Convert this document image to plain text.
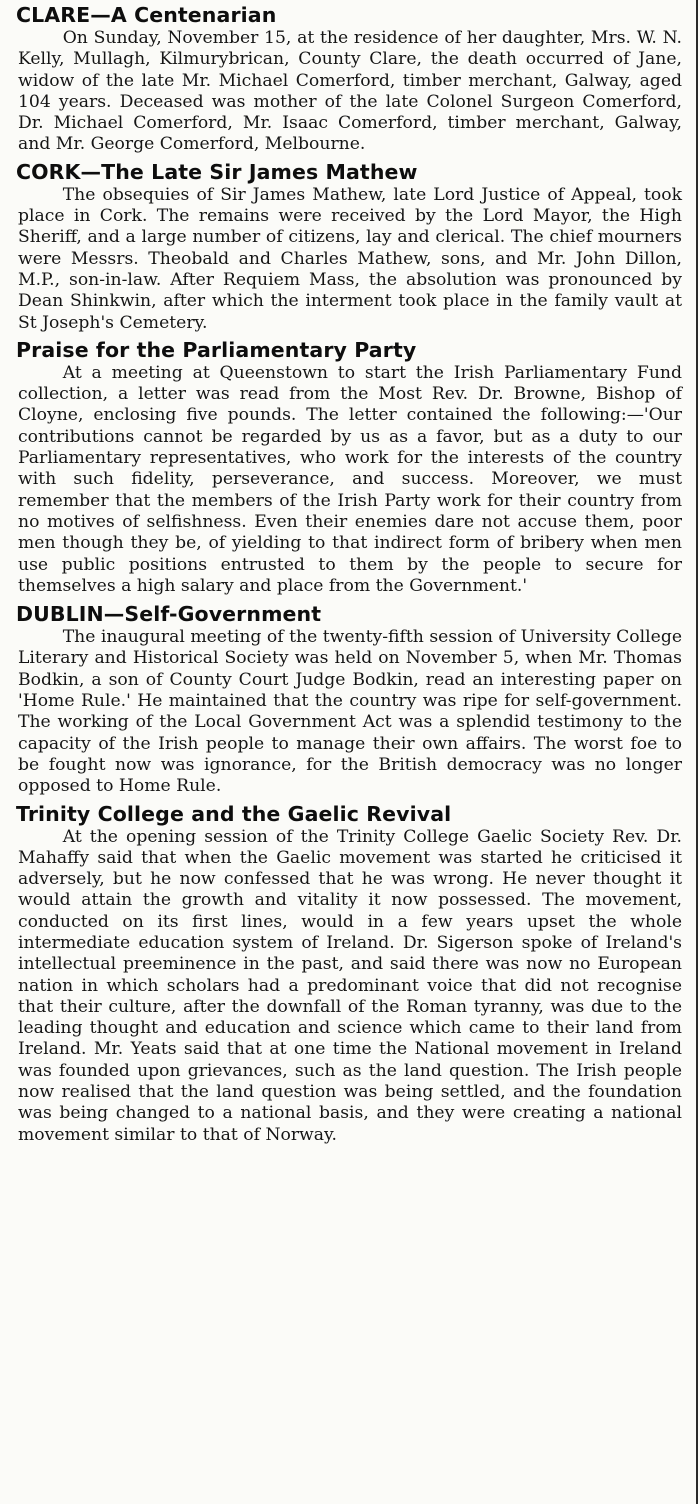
CLARE—A Centenarian

On Sunday, November 15, at the residence of her daughter, Mrs. W. N. Kelly, Mullagh, Kilmurybrican, County Clare, the death occurred of Jane, widow of the late Mr. Michael Comerford, timber merchant, Galway, aged 104 years. Deceased was mother of the late Colonel Surgeon Comerford, Dr. Michael Comerford, Mr. Isaac Comerford, timber merchant, Galway, and Mr. George Comerford, Melbourne.

CORK—The Late Sir James Mathew

The obsequies of Sir James Mathew, late Lord Justice of Appeal, took place in Cork. The remains were received by the Lord Mayor, the High Sheriff, and a large number of citizens, lay and clerical. The chief mourners were Messrs. Theobald and Charles Mathew, sons, and Mr. John Dillon, M.P., son-in-law. After Requiem Mass, the absolution was pronounced by Dean Shinkwin, after which the interment took place in the family vault at St Joseph's Cemetery.

Praise for the Parliamentary Party

At a meeting at Queenstown to start the Irish Parliamentary Fund collection, a letter was read from the Most Rev. Dr. Browne, Bishop of Cloyne, enclosing five pounds. The letter contained the following:—'Our contributions cannot be regarded by us as a favor, but as a duty to our Parliamentary representatives, who work for the interests of the country with such fidelity, perseverance, and success. Moreover, we must remember that the members of the Irish Party work for their country from no motives of selfishness. Even their enemies dare not accuse them, poor men though they be, of yielding to that indirect form of bribery when men use public positions entrusted to them by the people to secure for themselves a high salary and place from the Government.'

DUBLIN—Self-Government

The inaugural meeting of the twenty-fifth session of University College Literary and Historical Society was held on November 5, when Mr. Thomas Bodkin, a son of County Court Judge Bodkin, read an interesting paper on 'Home Rule.' He maintained that the country was ripe for self-government. The working of the Local Government Act was a splendid testimony to the capacity of the Irish people to manage their own affairs. The worst foe to be fought now was ignorance, for the British democracy was no longer opposed to Home Rule.

Trinity College and the Gaelic Revival

At the opening session of the Trinity College Gaelic Society Rev. Dr. Mahaffy said that when the Gaelic movement was started he criticised it adversely, but he now confessed that he was wrong. He never thought it would attain the growth and vitality it now possessed. The movement, conducted on its first lines, would in a few years upset the whole intermediate education system of Ireland. Dr. Sigerson spoke of Ireland's intellectual preeminence in the past, and said there was now no European nation in which scholars had a predominant voice that did not recognise that their culture, after the downfall of the Roman tyranny, was due to the leading thought and education and science which came to their land from Ireland. Mr. Yeats said that at one time the National movement in Ireland was founded upon grievances, such as the land question. The Irish people now realised that the land question was being settled, and the foundation was being changed to a national basis, and they were creating a national movement similar to that of Norway.
